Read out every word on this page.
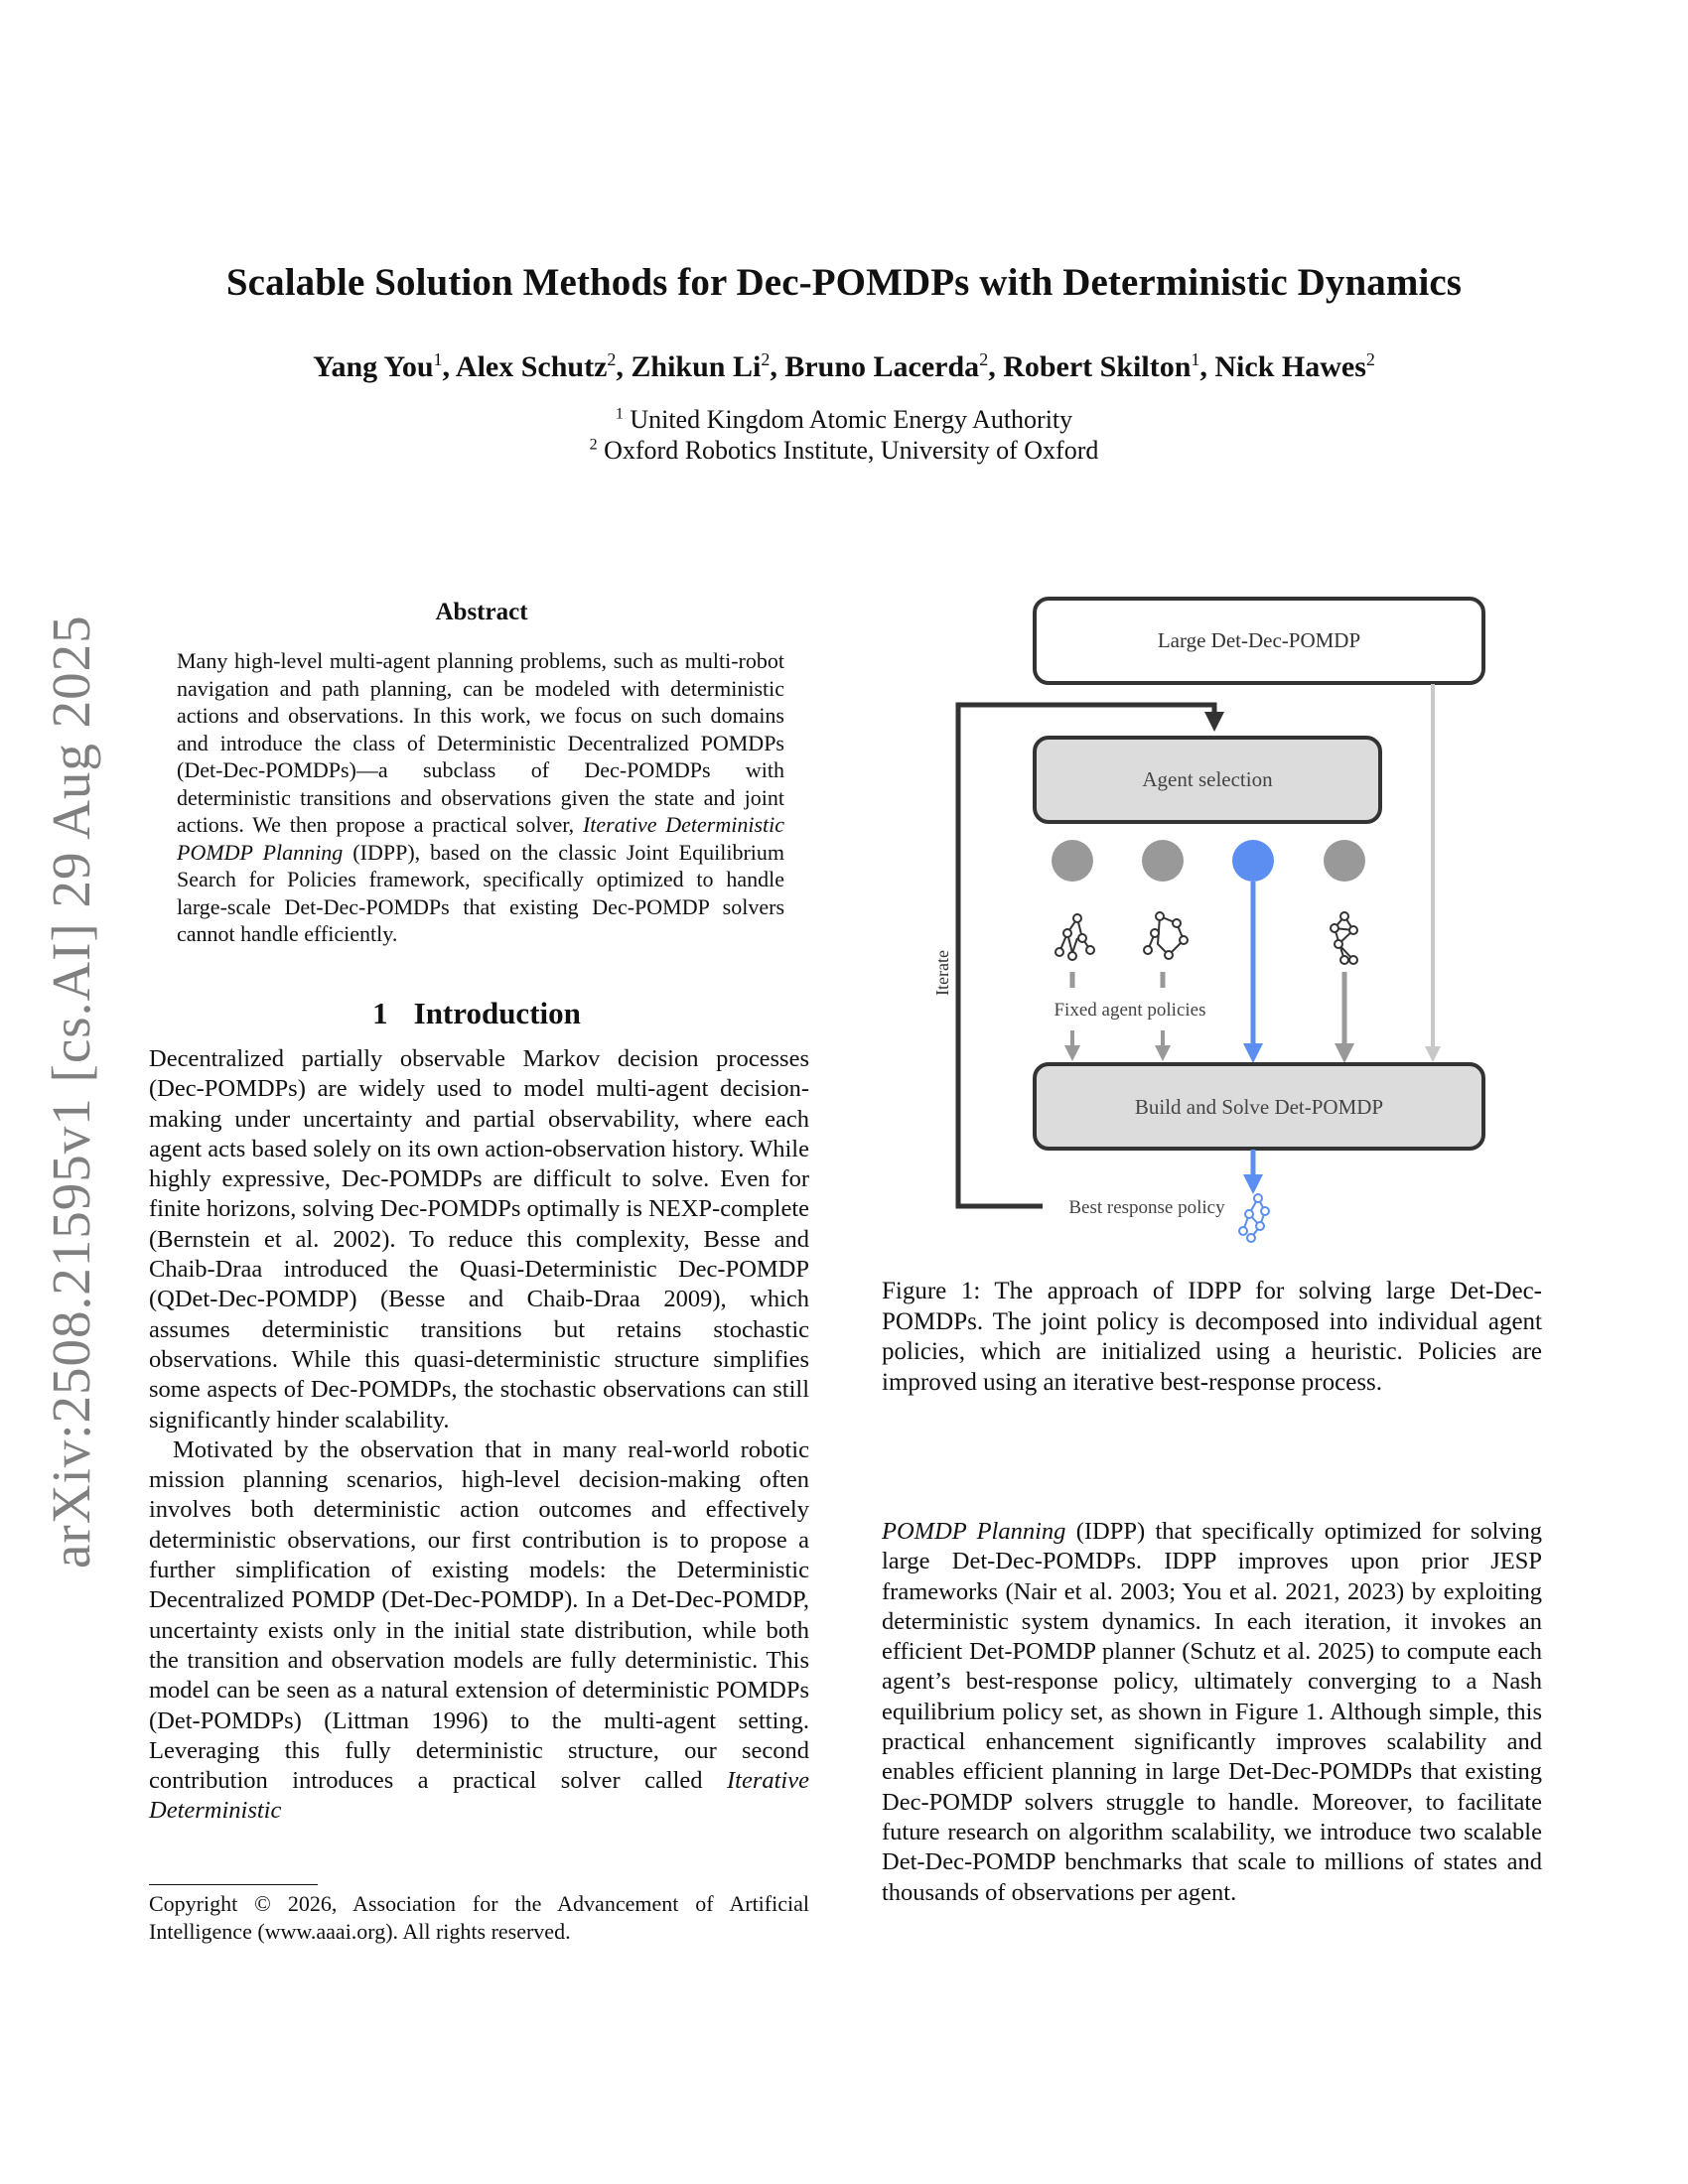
arXiv:2508.21595v1 [cs.AI] 29 Aug 2025
Scalable Solution Methods for Dec-POMDPs with Deterministic Dynamics
Yang You$^1$, Alex Schutz$^2$, Zhikun Li$^2$, Bruno Lacerda$^2$, Robert Skilton$^1$, Nick Hawes$^2$
$^1$ United Kingdom Atomic Energy Authority
$^2$ Oxford Robotics Institute, University of Oxford
Abstract
Many high-level multi-agent planning problems, such as multi-robot navigation and path planning, can be modeled with deterministic actions and observations. In this work, we focus on such domains and introduce the class of Deterministic Decentralized POMDPs (Det-Dec-POMDPs)—a subclass of Dec-POMDPs with deterministic transitions and observations given the state and joint actions. We then propose a practical solver, Iterative Deterministic POMDP Planning (IDPP), based on the classic Joint Equilibrium Search for Policies framework, specifically optimized to handle large-scale Det-Dec-POMDPs that existing Dec-POMDP solvers cannot handle efficiently.
1 Introduction

Decentralized partially observable Markov decision processes (Dec-POMDPs) are widely used to model multi-agent decision-making under uncertainty and partial observability, where each agent acts based solely on its own action-observation history. While highly expressive, Dec-POMDPs are difficult to solve. Even for finite horizons, solving Dec-POMDPs optimally is NEXP-complete (Bernstein et al. 2002). To reduce this complexity, Besse and Chaib-Draa introduced the Quasi-Deterministic Dec-POMDP (QDet-Dec-POMDP) (Besse and Chaib-Draa 2009), which assumes deterministic transitions but retains stochastic observations. While this quasi-deterministic structure simplifies some aspects of Dec-POMDPs, the stochastic observations can still significantly hinder scalability.

Motivated by the observation that in many real-world robotic mission planning scenarios, high-level decision-making often involves both deterministic action outcomes and effectively deterministic observations, our first contribution is to propose a further simplification of existing models: the Deterministic Decentralized POMDP (Det-Dec-POMDP). In a Det-Dec-POMDP, uncertainty exists only in the initial state distribution, while both the transition and observation models are fully deterministic. This model can be seen as a natural extension of deterministic POMDPs (Det-POMDPs) (Littman 1996) to the multi-agent setting. Leveraging this fully deterministic structure, our second contribution introduces a practical solver called Iterative Deterministic

Copyright © 2026, Association for the Advancement of Artificial Intelligence (www.aaai.org). All rights reserved.
Iterate
Large Det-Dec-POMDP
Agent selection
Fixed agent policies
Build and Solve Det-POMDP
Best response policy
Figure 1: The approach of IDPP for solving large Det-Dec-POMDPs. The joint policy is decomposed into individual agent policies, which are initialized using a heuristic. Policies are improved using an iterative best-response process.
POMDP Planning (IDPP) that specifically optimized for solving large Det-Dec-POMDPs. IDPP improves upon prior JESP frameworks (Nair et al. 2003; You et al. 2021, 2023) by exploiting deterministic system dynamics. In each iteration, it invokes an efficient Det-POMDP planner (Schutz et al. 2025) to compute each agent’s best-response policy, ultimately converging to a Nash equilibrium policy set, as shown in Figure 1. Although simple, this practical enhancement significantly improves scalability and enables efficient planning in large Det-Dec-POMDPs that existing Dec-POMDP solvers struggle to handle. Moreover, to facilitate future research on algorithm scalability, we introduce two scalable Det-Dec-POMDP benchmarks that scale to millions of states and thousands of observations per agent.
